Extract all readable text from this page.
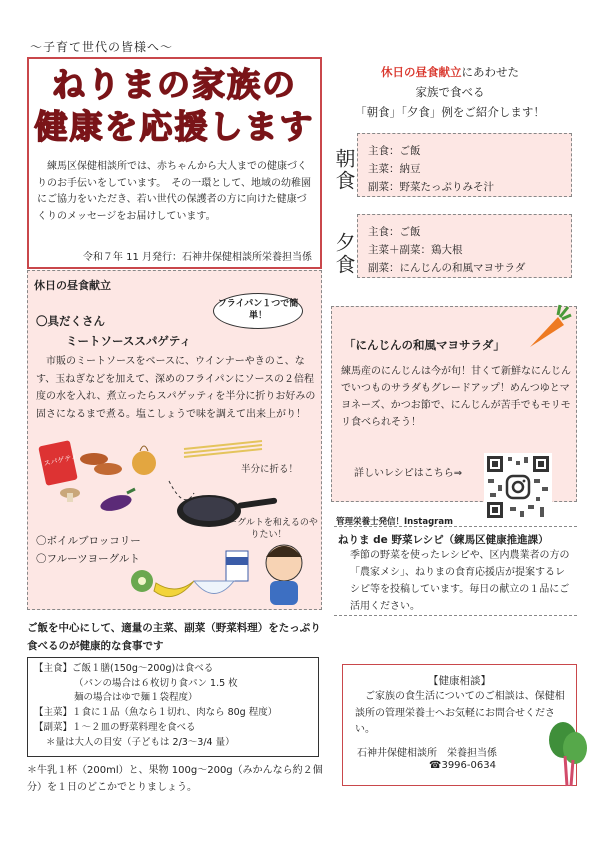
〜子育て世代の皆様へ〜
ねりまの家族の
健康を応援します
　練馬区保健相談所では、赤ちゃんから大人までの健康づくりのお手伝いをしています。　その一環として、地域の幼稚園にご協力をいただき、若い世代の保護者の方に向けた健康づくりのメッセージをお届けしています。
令和７年 11 月発行：石神井保健相談所栄養担当係
休日の昼食献立にあわせた
家族で食べる
「朝食」「夕食」例をご紹介します！
朝食 主食：ご飯
主菜：納豆
副菜：野菜たっぷりみそ汁
夕食 主食：ご飯
主菜＋副菜：鶏大根
副菜：にんじんの和風マヨサラダ
休日の昼食献立
フライパン１つで簡単！
〇具だくさん
ミートソーススパゲティ
　市販のミートソースをベースに、ウインナーやきのこ、なす、玉ねぎなどを加えて、深めのフライパンにソースの２倍程度の水を入れ、煮立ったらスパゲッティを半分に折りお好みの固さになるまで煮る。塩こしょうで味を調えて出来上がり！
スパゲティ
半分に折る！
ヨーグルトを和えるのやりたい！
〇ボイルブロッコリー
〇フルーツヨーグルト
「にんじんの和風マヨサラダ」
練馬産のにんじんは今が旬！甘くて新鮮なにんじんでいつものサラダもグレードアップ！めんつゆとマヨネーズ、かつお節で、にんじんが苦手でもモリモリ食べられそう！
詳しいレシピはこちら⇒
管理栄養士発信！Instagram
ねりま de 野菜レシピ（練馬区健康推進課）
季節の野菜を使ったレシピや、区内農業者の方の「農家メシ」、ねりまの食育応援店が提案するレシピ等を投稿しています。毎日の献立の１品にご活用ください。
ご飯を中心にして、適量の主菜、副菜（野菜料理）をたっぷり食べるのが健康的な食事です
【主食】ご飯１膳(150g〜200g)は食べる
（パンの場合は６枚切り食パン 1.5 枚
麺の場合はゆで麺１袋程度）
【主菜】１食に１品（魚なら１切れ、肉なら 80g 程度）
【副菜】１〜２皿の野菜料理を食べる
＊量は大人の目安（子どもは 2/3〜3/4 量）
＊牛乳１杯（200ml）と、果物 100g〜200g（みかんなら約２個分）を１日のどこかでとりましょう。
【健康相談】
　ご家族の食生活についてのご相談は、保健相談所の管理栄養士へお気軽にお問合せください。
石神井保健相談所　栄養担当係
☎3996-0634
